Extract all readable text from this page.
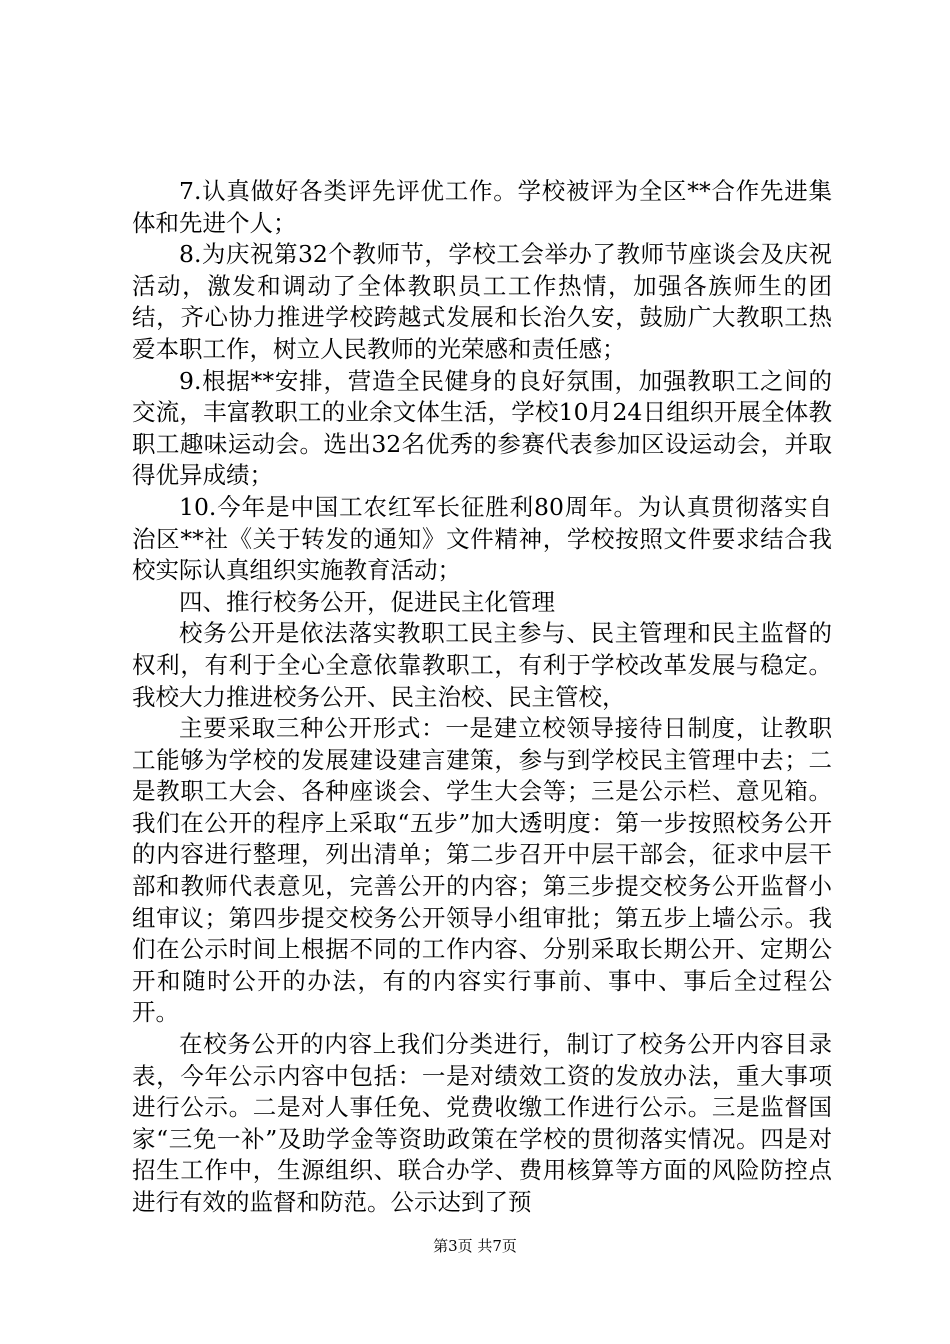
7.认真做好各类评先评优工作。学校被评为全区**合作先进集体和先进个人；

8.为庆祝第32个教师节，学校工会举办了教师节座谈会及庆祝活动，激发和调动了全体教职员工工作热情，加强各族师生的团结，齐心协力推进学校跨越式发展和长治久安，鼓励广大教职工热爱本职工作，树立人民教师的光荣感和责任感；

9.根据**安排，营造全民健身的良好氛围，加强教职工之间的交流，丰富教职工的业余文体生活，学校10月24日组织开展全体教职工趣味运动会。选出32名优秀的参赛代表参加区设运动会，并取得优异成绩；

10.今年是中国工农红军长征胜利80周年。为认真贯彻落实自治区**社《关于转发的通知》文件精神，学校按照文件要求结合我校实际认真组织实施教育活动；

四、推行校务公开，促进民主化管理

校务公开是依法落实教职工民主参与、民主管理和民主监督的权利，有利于全心全意依靠教职工，有利于学校改革发展与稳定。我校大力推进校务公开、民主治校、民主管校，

主要采取三种公开形式：一是建立校领导接待日制度，让教职工能够为学校的发展建设建言建策，参与到学校民主管理中去；二是教职工大会、各种座谈会、学生大会等；三是公示栏、意见箱。我们在公开的程序上采取“五步”加大透明度：第一步按照校务公开的内容进行整理，列出清单；第二步召开中层干部会，征求中层干部和教师代表意见，完善公开的内容；第三步提交校务公开监督小组审议；第四步提交校务公开领导小组审批；第五步上墙公示。我们在公示时间上根据不同的工作内容、分别采取长期公开、定期公开和随时公开的办法，有的内容实行事前、事中、事后全过程公开。

在校务公开的内容上我们分类进行，制订了校务公开内容目录表，今年公示内容中包括：一是对绩效工资的发放办法，重大事项进行公示。二是对人事任免、党费收缴工作进行公示。三是监督国家“三免一补”及助学金等资助政策在学校的贯彻落实情况。四是对招生工作中，生源组织、联合办学、费用核算等方面的风险防控点进行有效的监督和防范。公示达到了预

第3页 共7页
